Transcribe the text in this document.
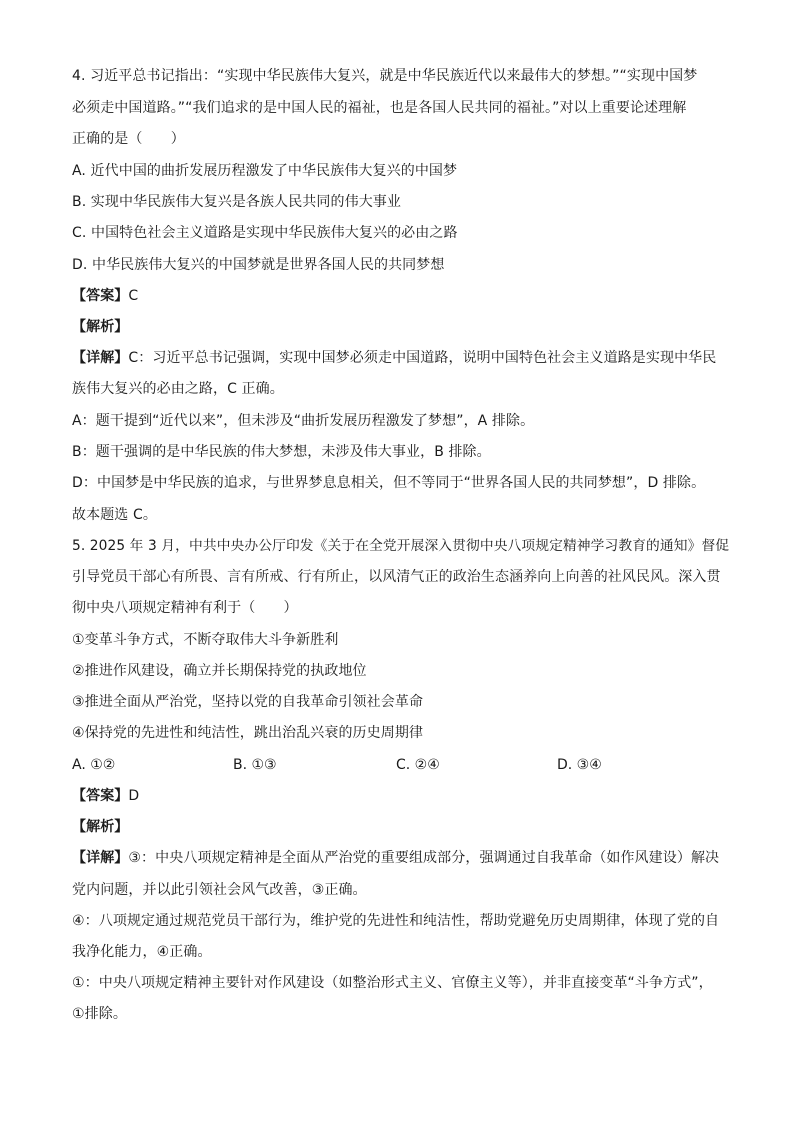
4. 习近平总书记指出：“实现中华民族伟大复兴，就是中华民族近代以来最伟大的梦想。”“实现中国梦
必须走中国道路。”“我们追求的是中国人民的福祉，也是各国人民共同的福祉。”对以上重要论述理解
正确的是（　　）
A. 近代中国的曲折发展历程激发了中华民族伟大复兴的中国梦
B. 实现中华民族伟大复兴是各族人民共同的伟大事业
C. 中国特色社会主义道路是实现中华民族伟大复兴的必由之路
D. 中华民族伟大复兴的中国梦就是世界各国人民的共同梦想
【答案】C
【解析】
【详解】C：习近平总书记强调，实现中国梦必须走中国道路，说明中国特色社会主义道路是实现中华民
族伟大复兴的必由之路，C 正确。
A：题干提到“近代以来”，但未涉及“曲折发展历程激发了梦想”，A 排除。
B：题干强调的是中华民族的伟大梦想，未涉及伟大事业，B 排除。
D：中国梦是中华民族的追求，与世界梦息息相关，但不等同于“世界各国人民的共同梦想”，D 排除。
故本题选 C。
5. 2025 年 3 月，中共中央办公厅印发《关于在全党开展深入贯彻中央八项规定精神学习教育的通知》督促
引导党员干部心有所畏、言有所戒、行有所止，以风清气正的政治生态涵养向上向善的社风民风。深入贯
彻中央八项规定精神有利于（　　）
①变革斗争方式，不断夺取伟大斗争新胜利
②推进作风建设，确立并长期保持党的执政地位
③推进全面从严治党，坚持以党的自我革命引领社会革命
④保持党的先进性和纯洁性，跳出治乱兴衰的历史周期律
A. ①②	B. ①③	C. ②④	D. ③④
【答案】D
【解析】
【详解】③：中央八项规定精神是全面从严治党的重要组成部分，强调通过自我革命（如作风建设）解决
党内问题，并以此引领社会风气改善，③正确。
④：八项规定通过规范党员干部行为，维护党的先进性和纯洁性，帮助党避免历史周期律，体现了党的自
我净化能力，④正确。
①：中央八项规定精神主要针对作风建设（如整治形式主义、官僚主义等），并非直接变革“斗争方式”，
①排除。
